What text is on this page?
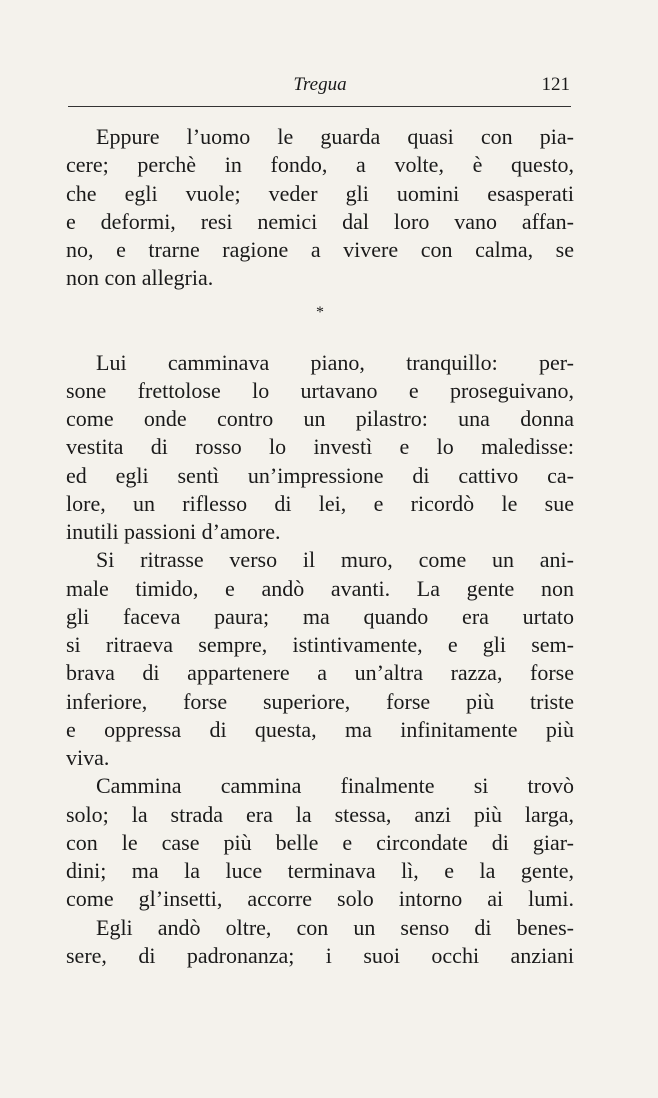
Tregua	121
Eppure l’uomo le guarda quasi con pia-
cere; perchè in fondo, a volte, è questo,
che egli vuole; veder gli uomini esasperati
e deformi, resi nemici dal loro vano affan-
no, e trarne ragione a vivere con calma, se
non con allegria.
*
Lui camminava piano, tranquillo: per-
sone frettolose lo urtavano e proseguivano,
come onde contro un pilastro: una donna
vestita di rosso lo investì e lo maledisse:
ed egli sentì un’impressione di cattivo ca-
lore, un riflesso di lei, e ricordò le sue
inutili passioni d’amore.
Si ritrasse verso il muro, come un ani-
male timido, e andò avanti. La gente non
gli faceva paura; ma quando era urtato
si ritraeva sempre, istintivamente, e gli sem-
brava di appartenere a un’altra razza, forse
inferiore, forse superiore, forse più triste
e oppressa di questa, ma infinitamente più
viva.
Cammina cammina finalmente si trovò
solo; la strada era la stessa, anzi più larga,
con le case più belle e circondate di giar-
dini; ma la luce terminava lì, e la gente,
come gl’insetti, accorre solo intorno ai lumi.
Egli andò oltre, con un senso di benes-
sere, di padronanza; i suoi occhi anziani
